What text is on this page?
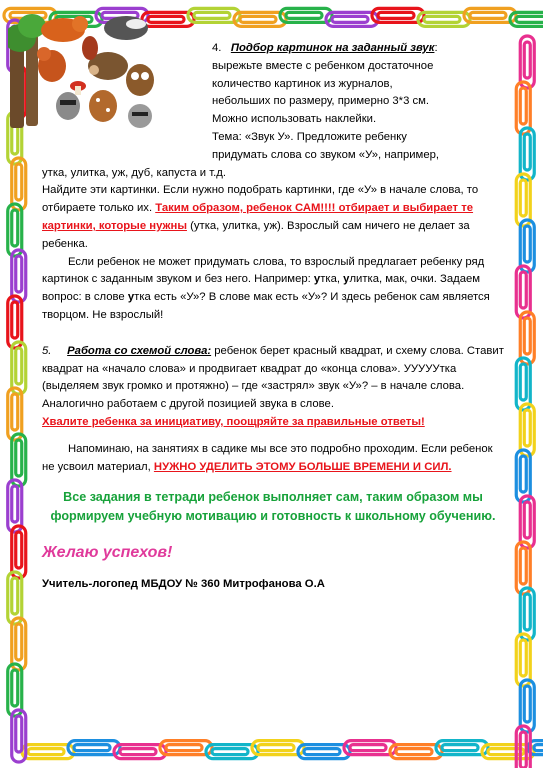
4. Подбор картинок на заданный звук:

вырежьте вместе с ребенком достаточное

количество картинок из журналов,

небольших по размеру, примерно 3*3 см.

Можно использовать наклейки.

Тема: «Звук У». Предложите ребенку

придумать слова со звуком «У», например,

утка, улитка, уж, дуб, капуста и т.д.

Найдите эти картинки. Если нужно подобрать картинки, где «У» в начале слова, то отбираете только их. Таким образом, ребенок САМ!!!! отбирает и выбирает те картинки, которые нужны (утка, улитка, уж). Взрослый сам ничего не делает за ребенка.

Если ребенок не может придумать слова, то взрослый предлагает ребенку ряд картинок с заданным звуком и без него. Например: утка, улитка, мак, очки. Задаем вопрос: в слове утка есть «У»? В слове мак есть «У»? И здесь ребенок сам является творцом. Не взрослый!

5. Работа со схемой слова: ребенок берет красный квадрат, и схему слова. Ставит квадрат на «начало слова» и продвигает квадрат до «конца слова». УУУУУтка (выделяем звук громко и протяжно) – где «застрял» звук «У»? – в начале слова. Аналогично работаем с другой позицией звука в слове.

Хвалите ребенка за инициативу, поощряйте за правильные ответы!

Напоминаю, на занятиях в садике мы все это подробно проходим. Если ребенок не усвоил материал, НУЖНО УДЕЛИТЬ ЭТОМУ БОЛЬШЕ ВРЕМЕНИ И СИЛ.

Все задания в тетради ребенок выполняет сам, таким образом мы формируем учебную мотивацию и готовность к школьному обучению.

Желаю успехов!

Учитель-логопед МБДОУ № 360 Митрофанова О.А
